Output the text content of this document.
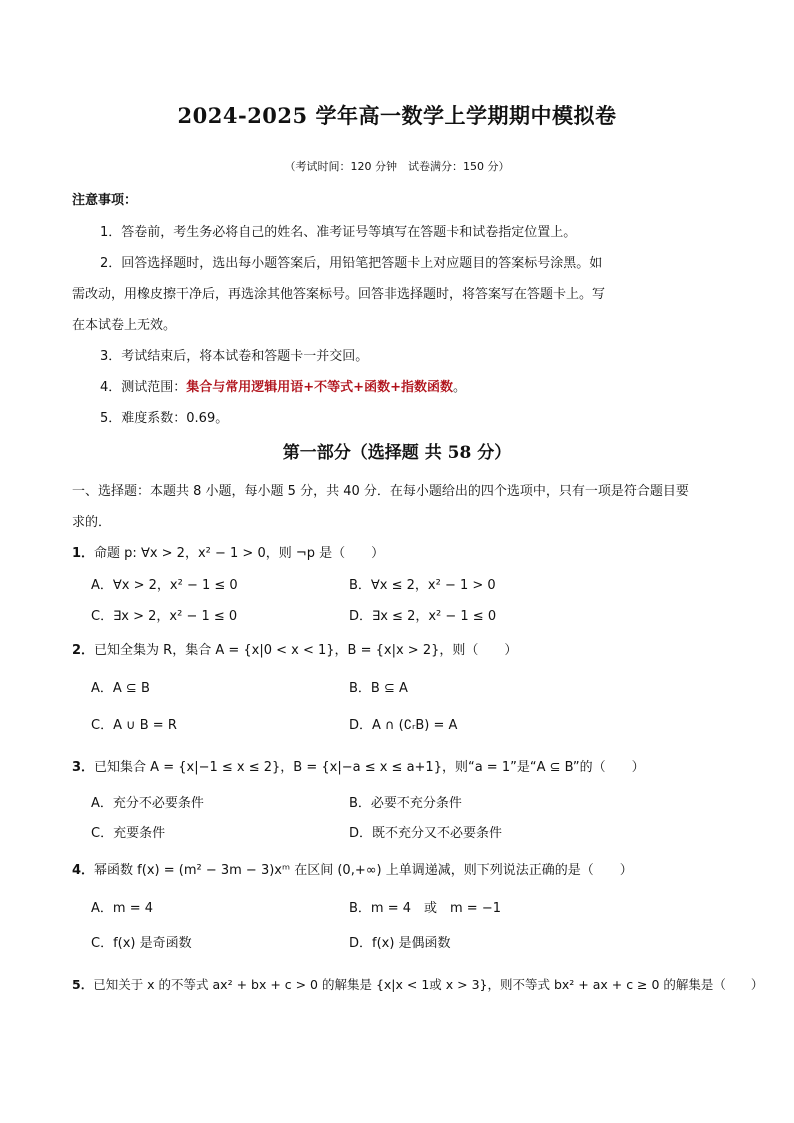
2024-2025 学年高一数学上学期期中模拟卷
（考试时间：120 分钟　试卷满分：150 分）
注意事项：
1．答卷前，考生务必将自己的姓名、准考证号等填写在答题卡和试卷指定位置上。
2．回答选择题时，选出每小题答案后，用铅笔把答题卡上对应题目的答案标号涂黑。如
需改动，用橡皮擦干净后，再选涂其他答案标号。回答非选择题时，将答案写在答题卡上。写
在本试卷上无效。
3．考试结束后，将本试卷和答题卡一并交回。
4．测试范围：集合与常用逻辑用语+不等式+函数+指数函数。
5．难度系数：0.69。
第一部分（选择题 共 58 分）
一、选择题：本题共 8 小题，每小题 5 分，共 40 分．在每小题给出的四个选项中，只有一项是符合题目要
求的．
1．命题 p: ∀x > 2，x² − 1 > 0，则 ¬p 是（　　）
A．∀x > 2，x² − 1 ≤ 0	B．∀x ≤ 2，x² − 1 > 0
C．∃x > 2，x² − 1 ≤ 0	D．∃x ≤ 2，x² − 1 ≤ 0
2．已知全集为 R，集合 A = {x|0 < x < 1}，B = {x|x > 2}，则（　　）
A．A ⊆ B	B．B ⊆ A
C．A ∪ B = R	D．A ∩ (∁ᵣB) = A
3．已知集合 A = {x|−1 ≤ x ≤ 2}，B = {x|−a ≤ x ≤ a+1}，则“a = 1”是“A ⊆ B”的（　　）
A．充分不必要条件	B．必要不充分条件
C．充要条件	D．既不充分又不必要条件
4．幂函数 f(x) = (m² − 3m − 3)xᵐ 在区间 (0,+∞) 上单调递减，则下列说法正确的是（　　）
A．m = 4	B．m = 4　或　m = −1
C．f(x) 是奇函数	D．f(x) 是偶函数
5．已知关于 x 的不等式 ax² + bx + c > 0 的解集是 {x|x < 1或 x > 3}，则不等式 bx² + ax + c ≥ 0 的解集是（　　）
